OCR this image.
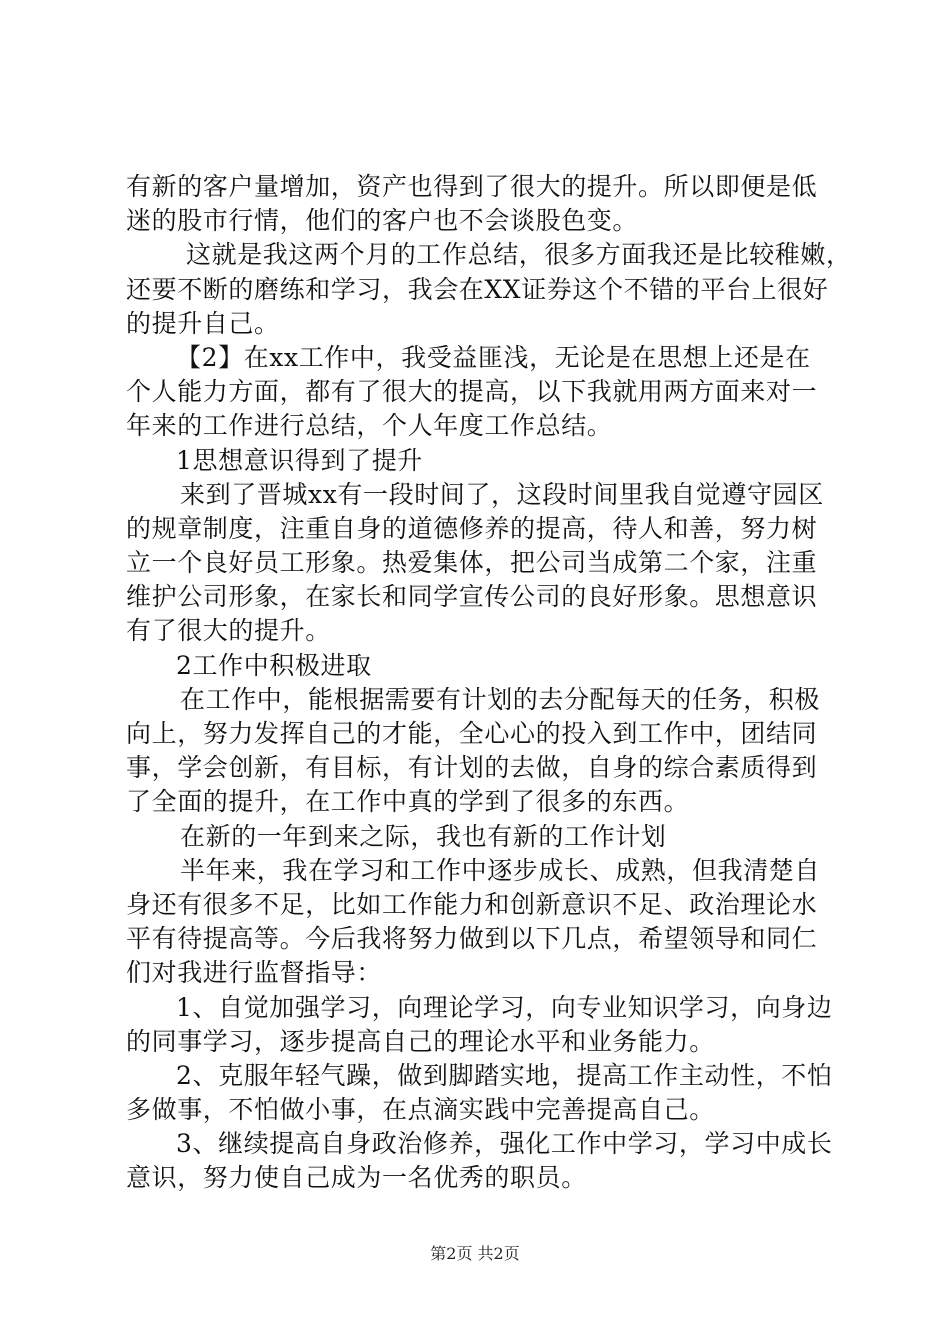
有新的客户量增加，资产也得到了很大的提升。所以即便是低
迷的股市行情，他们的客户也不会谈股色变。
这就是我这两个月的工作总结，很多方面我还是比较稚嫩，
还要不断的磨练和学习，我会在XX证券这个不错的平台上很好
的提升自己。
【2】在xx工作中，我受益匪浅，无论是在思想上还是在
个人能力方面，都有了很大的提高，以下我就用两方面来对一
年来的工作进行总结，个人年度工作总结。
1思想意识得到了提升
来到了晋城xx有一段时间了，这段时间里我自觉遵守园区
的规章制度，注重自身的道德修养的提高，待人和善，努力树
立一个良好员工形象。热爱集体，把公司当成第二个家，注重
维护公司形象，在家长和同学宣传公司的良好形象。思想意识
有了很大的提升。
2工作中积极进取
在工作中，能根据需要有计划的去分配每天的任务，积极
向上，努力发挥自己的才能，全心心的投入到工作中，团结同
事，学会创新，有目标，有计划的去做，自身的综合素质得到
了全面的提升，在工作中真的学到了很多的东西。
在新的一年到来之际，我也有新的工作计划
半年来，我在学习和工作中逐步成长、成熟，但我清楚自
身还有很多不足，比如工作能力和创新意识不足、政治理论水
平有待提高等。今后我将努力做到以下几点，希望领导和同仁
们对我进行监督指导：
1、自觉加强学习，向理论学习，向专业知识学习，向身边
的同事学习，逐步提高自己的理论水平和业务能力。
2、克服年轻气躁，做到脚踏实地，提高工作主动性，不怕
多做事，不怕做小事，在点滴实践中完善提高自己。
3、继续提高自身政治修养，强化工作中学习，学习中成长
意识，努力使自己成为一名优秀的职员。
第2页 共2页
